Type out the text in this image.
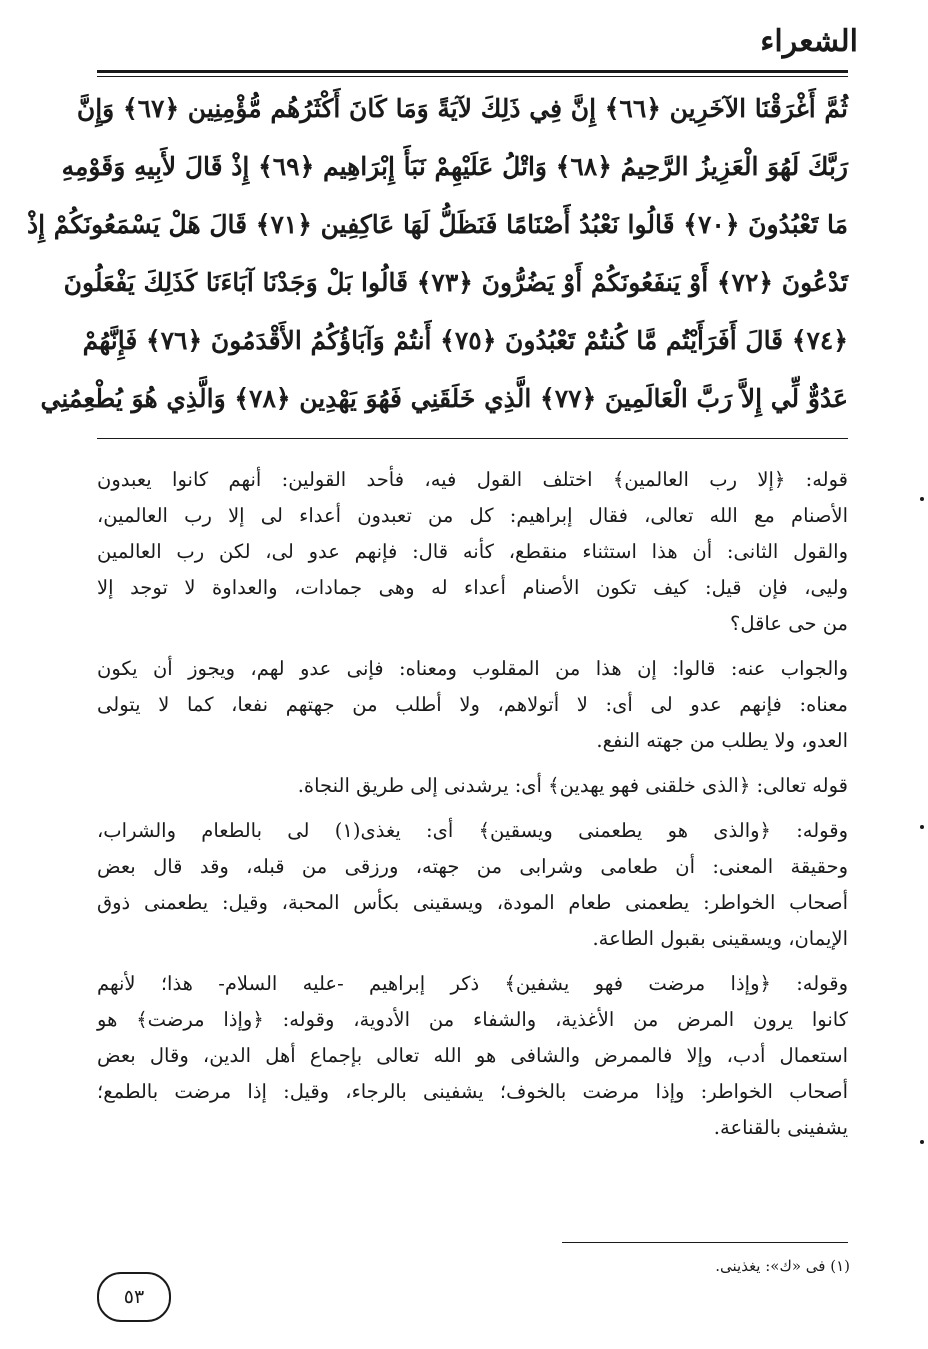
الشعراء
ثُمَّ أَغْرَقْنَا الآخَرِين ﴿٦٦﴾ إِنَّ فِي ذَلِكَ لآيَةً وَمَا كَانَ أَكْثَرُهُم مُّؤْمِنِين ﴿٦٧﴾ وَإِنَّ
رَبَّكَ لَهُوَ الْعَزِيزُ الرَّحِيمُ ﴿٦٨﴾ وَاتْلُ عَلَيْهِمْ نَبَأَ إِبْرَاهِيم ﴿٦٩﴾ إِذْ قَالَ لأَبِيهِ وَقَوْمِهِ
مَا تَعْبُدُونَ ﴿٧٠﴾ قَالُوا نَعْبُدُ أَصْنَامًا فَنَظَلُّ لَهَا عَاكِفِين ﴿٧١﴾ قَالَ هَلْ يَسْمَعُونَكُمْ إِذْ
تَدْعُونَ ﴿٧٢﴾ أَوْ يَنفَعُونَكُمْ أَوْ يَضُرُّونَ ﴿٧٣﴾ قَالُوا بَلْ وَجَدْنَا آبَاءَنَا كَذَلِكَ يَفْعَلُونَ
﴿٧٤﴾ قَالَ أَفَرَأَيْتُم مَّا كُنتُمْ تَعْبُدُونَ ﴿٧٥﴾ أَنتُمْ وَآبَاؤُكُمُ الأَقْدَمُونَ ﴿٧٦﴾ فَإِنَّهُمْ
عَدُوٌّ لِّي إِلاَّ رَبَّ الْعَالَمِينَ ﴿٧٧﴾ الَّذِي خَلَقَنِي فَهُوَ يَهْدِين ﴿٧٨﴾ وَالَّذِي هُوَ يُطْعِمُنِي

قوله: ﴿إلا رب العالمين﴾ اختلف القول فيه، فأحد القولين: أنهم كانوا يعبدون
الأصنام مع الله تعالى، فقال إبراهيم: كل من تعبدون أعداء لى إلا رب العالمين،
والقول الثانى: أن هذا استثناء منقطع، كأنه قال: فإنهم عدو لى، لكن رب العالمين
وليى، فإن قيل: كيف تكون الأصنام أعداء له وهى جمادات، والعداوة لا توجد إلا
من حى عاقل؟

والجواب عنه: قالوا: إن هذا من المقلوب ومعناه: فإنى عدو لهم، ويجوز أن يكون
معناه: فإنهم عدو لى أى: لا أتولاهم، ولا أطلب من جهتهم نفعا، كما لا يتولى
العدو، ولا يطلب من جهته النفع.

قوله تعالى: ﴿الذى خلقنى فهو يهدين﴾ أى: يرشدنى إلى طريق النجاة.

وقوله: ﴿والذى هو يطعمنى ويسقين﴾ أى: يغذى(١) لى بالطعام والشراب،
وحقيقة المعنى: أن طعامى وشرابى من جهته، ورزقى من قبله، وقد قال بعض
أصحاب الخواطر: يطعمنى طعام المودة، ويسقينى بكأس المحبة، وقيل: يطعمنى ذوق
الإيمان، ويسقينى بقبول الطاعة.

وقوله: ﴿وإذا مرضت فهو يشفين﴾ ذكر إبراهيم -عليه السلام- هذا؛ لأنهم
كانوا يرون المرض من الأغذية، والشفاء من الأدوية، وقوله: ﴿وإذا مرضت﴾ هو
استعمال أدب، وإلا فالممرض والشافى هو الله تعالى بإجماع أهل الدين، وقال بعض
أصحاب الخواطر: وإذا مرضت بالخوف؛ يشفينى بالرجاء، وقيل: إذا مرضت بالطمع؛
يشفينى بالقناعة.

(١) فى «ك»: يغذينى.
٥٣
